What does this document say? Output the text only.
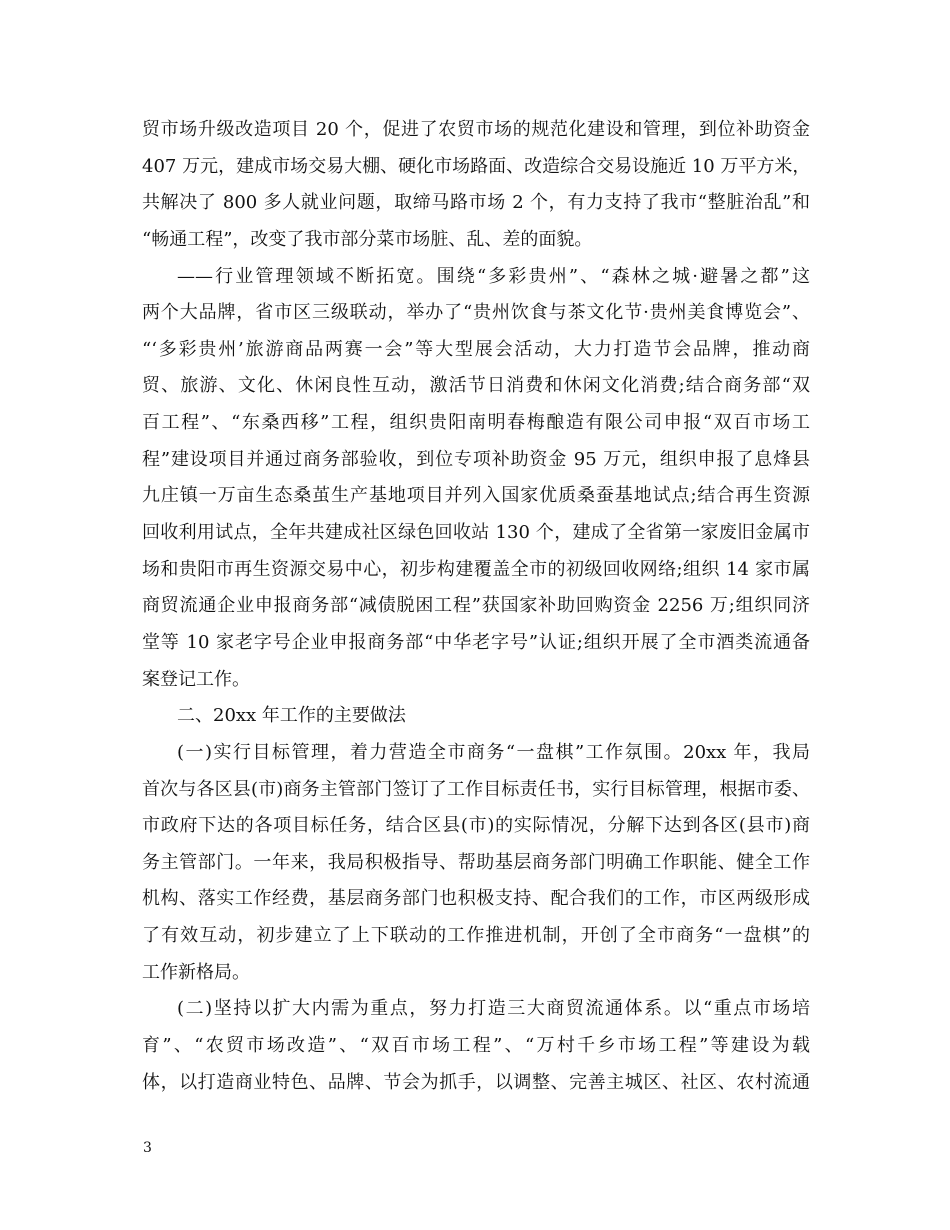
贸市场升级改造项目 20 个，促进了农贸市场的规范化建设和管理，到位补助资金
407 万元，建成市场交易大棚、硬化市场路面、改造综合交易设施近 10 万平方米，
共解决了 800 多人就业问题，取缔马路市场 2 个，有力支持了我市“整脏治乱”和
“畅通工程”，改变了我市部分菜市场脏、乱、差的面貌。
——行业管理领域不断拓宽。围绕“多彩贵州”、“森林之城·避暑之都”这
两个大品牌，省市区三级联动，举办了“贵州饮食与茶文化节·贵州美食博览会”、
“‘多彩贵州’旅游商品两赛一会”等大型展会活动，大力打造节会品牌，推动商
贸、旅游、文化、休闲良性互动，激活节日消费和休闲文化消费;结合商务部“双
百工程”、“东桑西移”工程，组织贵阳南明春梅酿造有限公司申报“双百市场工
程”建设项目并通过商务部验收，到位专项补助资金 95 万元，组织申报了息烽县
九庄镇一万亩生态桑茧生产基地项目并列入国家优质桑蚕基地试点;结合再生资源
回收利用试点，全年共建成社区绿色回收站 130 个，建成了全省第一家废旧金属市
场和贵阳市再生资源交易中心，初步构建覆盖全市的初级回收网络;组织 14 家市属
商贸流通企业申报商务部“减债脱困工程”获国家补助回购资金 2256 万;组织同济
堂等 10 家老字号企业申报商务部“中华老字号”认证;组织开展了全市酒类流通备
案登记工作。
二、20xx 年工作的主要做法
(一)实行目标管理，着力营造全市商务“一盘棋”工作氛围。20xx 年，我局
首次与各区县(市)商务主管部门签订了工作目标责任书，实行目标管理，根据市委、
市政府下达的各项目标任务，结合区县(市)的实际情况，分解下达到各区(县市)商
务主管部门。一年来，我局积极指导、帮助基层商务部门明确工作职能、健全工作
机构、落实工作经费，基层商务部门也积极支持、配合我们的工作，市区两级形成
了有效互动，初步建立了上下联动的工作推进机制，开创了全市商务“一盘棋”的
工作新格局。
(二)坚持以扩大内需为重点，努力打造三大商贸流通体系。以“重点市场培
育”、“农贸市场改造”、“双百市场工程”、“万村千乡市场工程”等建设为载
体，以打造商业特色、品牌、节会为抓手，以调整、完善主城区、社区、农村流通
3
